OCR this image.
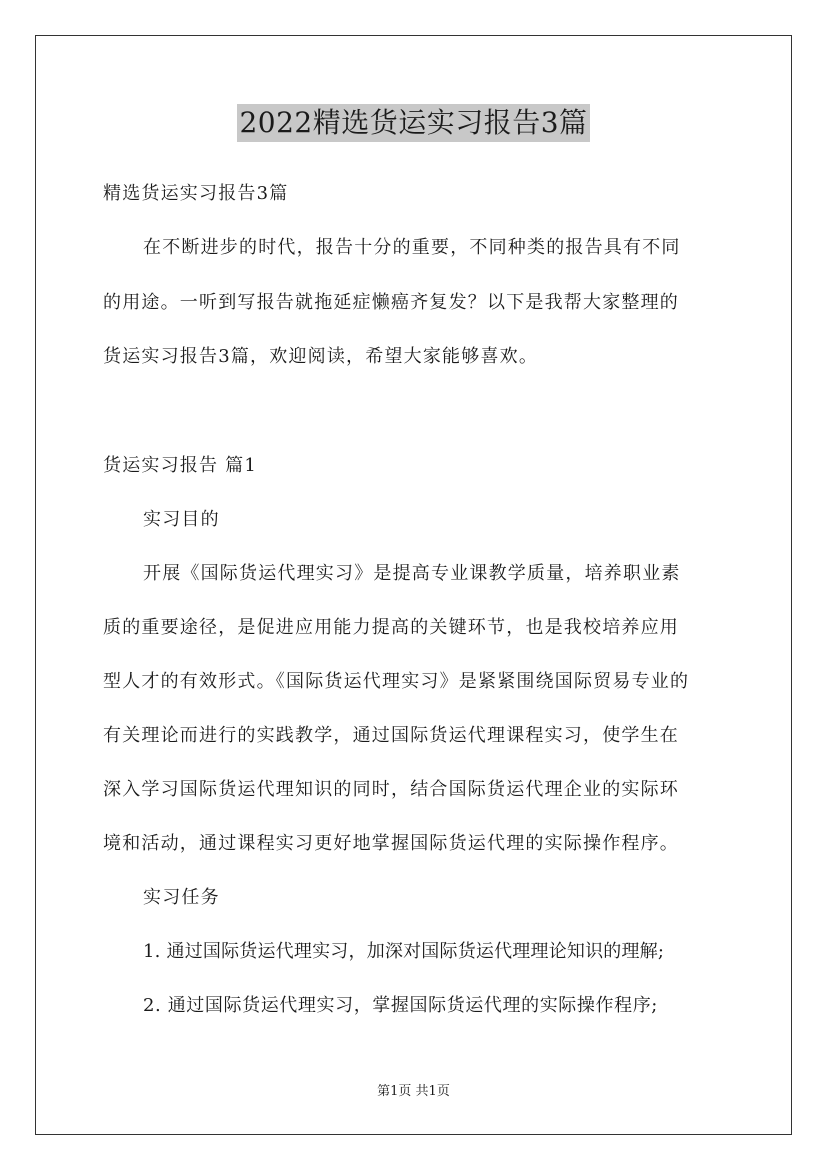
2022精选货运实习报告3篇
精选货运实习报告3篇
在不断进步的时代，报告十分的重要，不同种类的报告具有不同
的用途。一听到写报告就拖延症懒癌齐复发？以下是我帮大家整理的
货运实习报告3篇，欢迎阅读，希望大家能够喜欢。
货运实习报告 篇1
实习目的
开展《国际货运代理实习》是提高专业课教学质量，培养职业素
质的重要途径，是促进应用能力提高的关键环节，也是我校培养应用
型人才的有效形式。《国际货运代理实习》是紧紧围绕国际贸易专业的
有关理论而进行的实践教学，通过国际货运代理课程实习，使学生在
深入学习国际货运代理知识的同时，结合国际货运代理企业的实际环
境和活动，通过课程实习更好地掌握国际货运代理的实际操作程序。
实习任务
1. 通过国际货运代理实习，加深对国际货运代理理论知识的理解;
2. 通过国际货运代理实习，掌握国际货运代理的实际操作程序;
第1页 共1页
